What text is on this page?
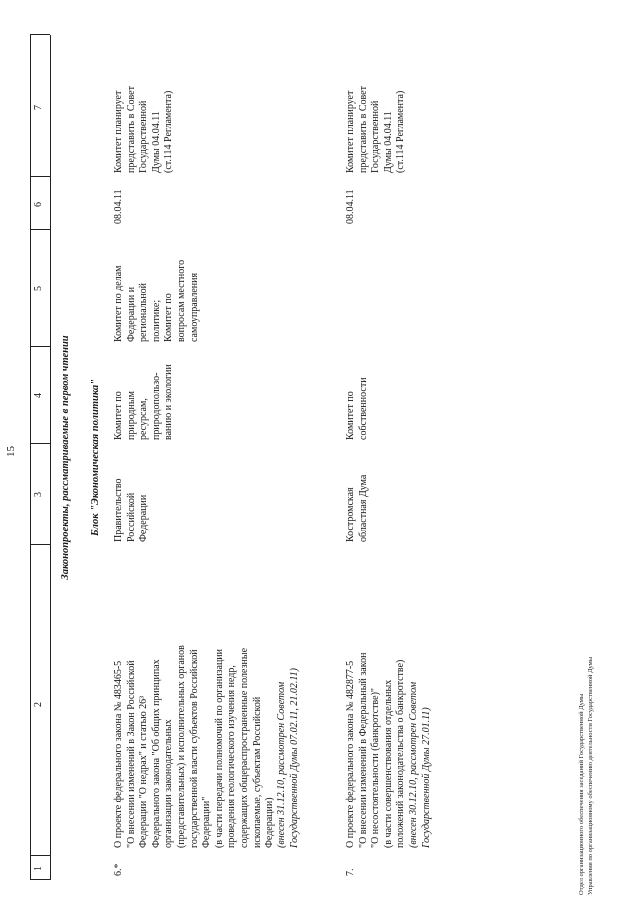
15
1
2
3
4
5
6
7
Законопроекты, рассматриваемые в первом чтении Блок "Экономическая политика"
6.*
О проекте федерального закона № 483465-5
"О внесении изменений в Закон Российской
Федерации "О недрах" и статью 26³
Федерального закона "Об общих принципах
организации законодательных
(представительных) и исполнительных органов
государственной власти субъектов Российской
Федерации"
(в части передачи полномочий по организации
проведения геологического изучения недр,
содержащих общераспространенные полезные
ископаемые, субъектам Российской
Федерации) (внесен 31.12.10, рассмотрен Советом
Государственной Думы 07.02.11, 21.02.11)
Правительство
Российской
Федерации
Комитет по
природным
ресурсам,
природопользо-
ванию и экологии
Комитет по делам
Федерации и
региональной
политике;
Комитет по
вопросам местного
самоуправления
08.04.11
Комитет планирует
представить в Совет
Государственной
Думы 04.04.11
(ст.114 Регламента)
7.
О проекте федерального закона № 482877-5
"О внесении изменений в Федеральный закон
"О несостоятельности (банкротстве)"
(в части совершенствования отдельных
положений законодательства о банкротстве)
(внесен 30.12.10, рассмотрен Советом
Государственной Думы 27.01.11)
Костромская
областная Дума
Комитет по
собственности
08.04.11
Комитет планирует
представить в Совет
Государственной
Думы 04.04.11
(ст.114 Регламента)
Отдел организационного обеспечения заседаний Государственной Думы Управления по организационному обеспечению деятельности Государственной Думы
